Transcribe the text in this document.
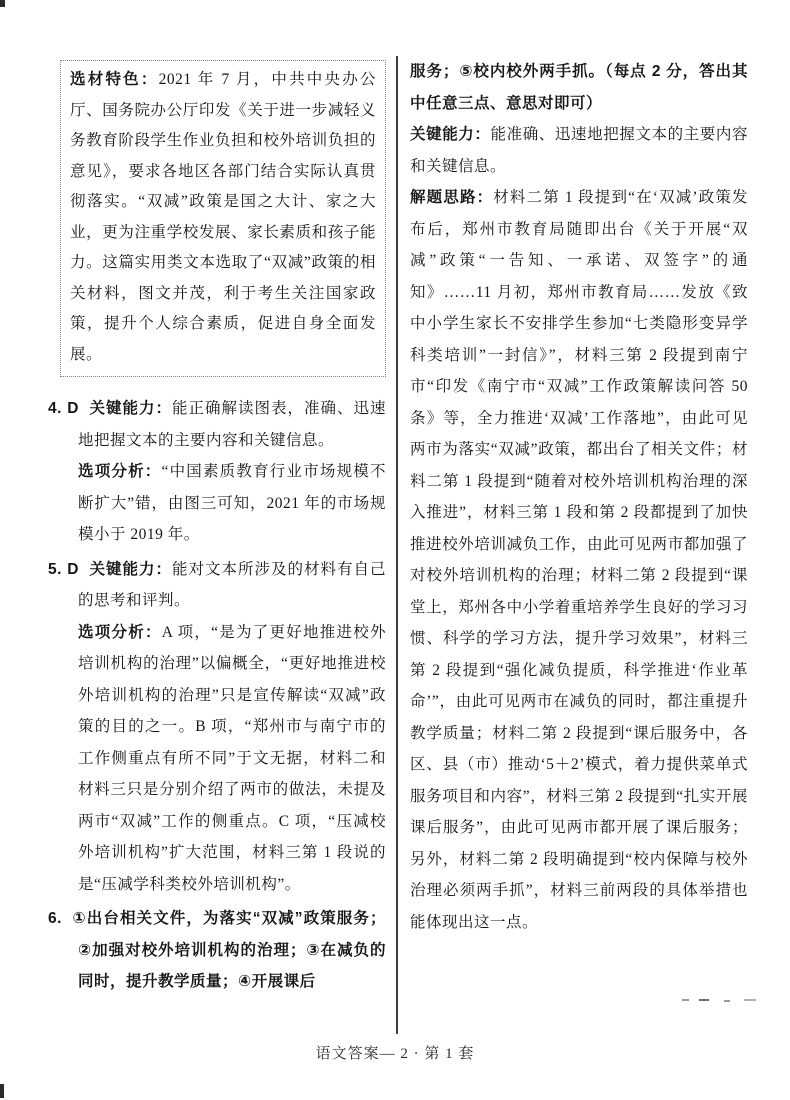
选材特色：2021 年 7 月，中共中央办公厅、国务院办公厅印发《关于进一步减轻义务教育阶段学生作业负担和校外培训负担的意见》，要求各地区各部门结合实际认真贯彻落实。“双减”政策是国之大计、家之大业，更为注重学校发展、家长素质和孩子能力。这篇实用类文本选取了“双减”政策的相关材料，图文并茂，利于考生关注国家政策，提升个人综合素质，促进自身全面发展。

4. D 关键能力：能正确解读图表，准确、迅速地把握文本的主要内容和关键信息。

选项分析：“中国素质教育行业市场规模不断扩大”错，由图三可知，2021 年的市场规模小于 2019 年。

5. D 关键能力：能对文本所涉及的材料有自己的思考和评判。

选项分析：A 项，“是为了更好地推进校外培训机构的治理”以偏概全，“更好地推进校外培训机构的治理”只是宣传解读“双减”政策的目的之一。B 项，“郑州市与南宁市的工作侧重点有所不同”于文无据，材料二和材料三只是分别介绍了两市的做法，未提及两市“双减”工作的侧重点。C 项，“压减校外培训机构”扩大范围，材料三第 1 段说的是“压减学科类校外培训机构”。

6. ①出台相关文件，为落实“双减”政策服务；②加强对校外培训机构的治理；③在减负的同时，提升教学质量；④开展课后

服务；⑤校内校外两手抓。（每点 2 分，答出其中任意三点、意思对即可）

关键能力：能准确、迅速地把握文本的主要内容和关键信息。

解题思路：材料二第 1 段提到“在‘双减’政策发布后，郑州市教育局随即出台《关于开展“双减”政策“一告知、一承诺、双签字”的通知》……11 月初，郑州市教育局……发放《致中小学生家长不安排学生参加“七类隐形变异学科类培训”一封信》”，材料三第 2 段提到南宁市“印发《南宁市“双减”工作政策解读问答 50 条》等，全力推进‘双减’工作落地”，由此可见两市为落实“双减”政策，都出台了相关文件；材料二第 1 段提到“随着对校外培训机构治理的深入推进”，材料三第 1 段和第 2 段都提到了加快推进校外培训减负工作，由此可见两市都加强了对校外培训机构的治理；材料二第 2 段提到“课堂上，郑州各中小学着重培养学生良好的学习习惯、科学的学习方法，提升学习效果”，材料三第 2 段提到“强化减负提质，科学推进‘作业革命’”，由此可见两市在减负的同时，都注重提升教学质量；材料二第 2 段提到“课后服务中，各区、县（市）推动‘5＋2’模式，着力提供菜单式服务项目和内容”，材料三第 2 段提到“扎实开展课后服务”，由此可见两市都开展了课后服务；另外，材料二第 2 段明确提到“校内保障与校外治理必须两手抓”，材料三前两段的具体举措也能体现出这一点。

语文答案— 2 · 第 1 套
